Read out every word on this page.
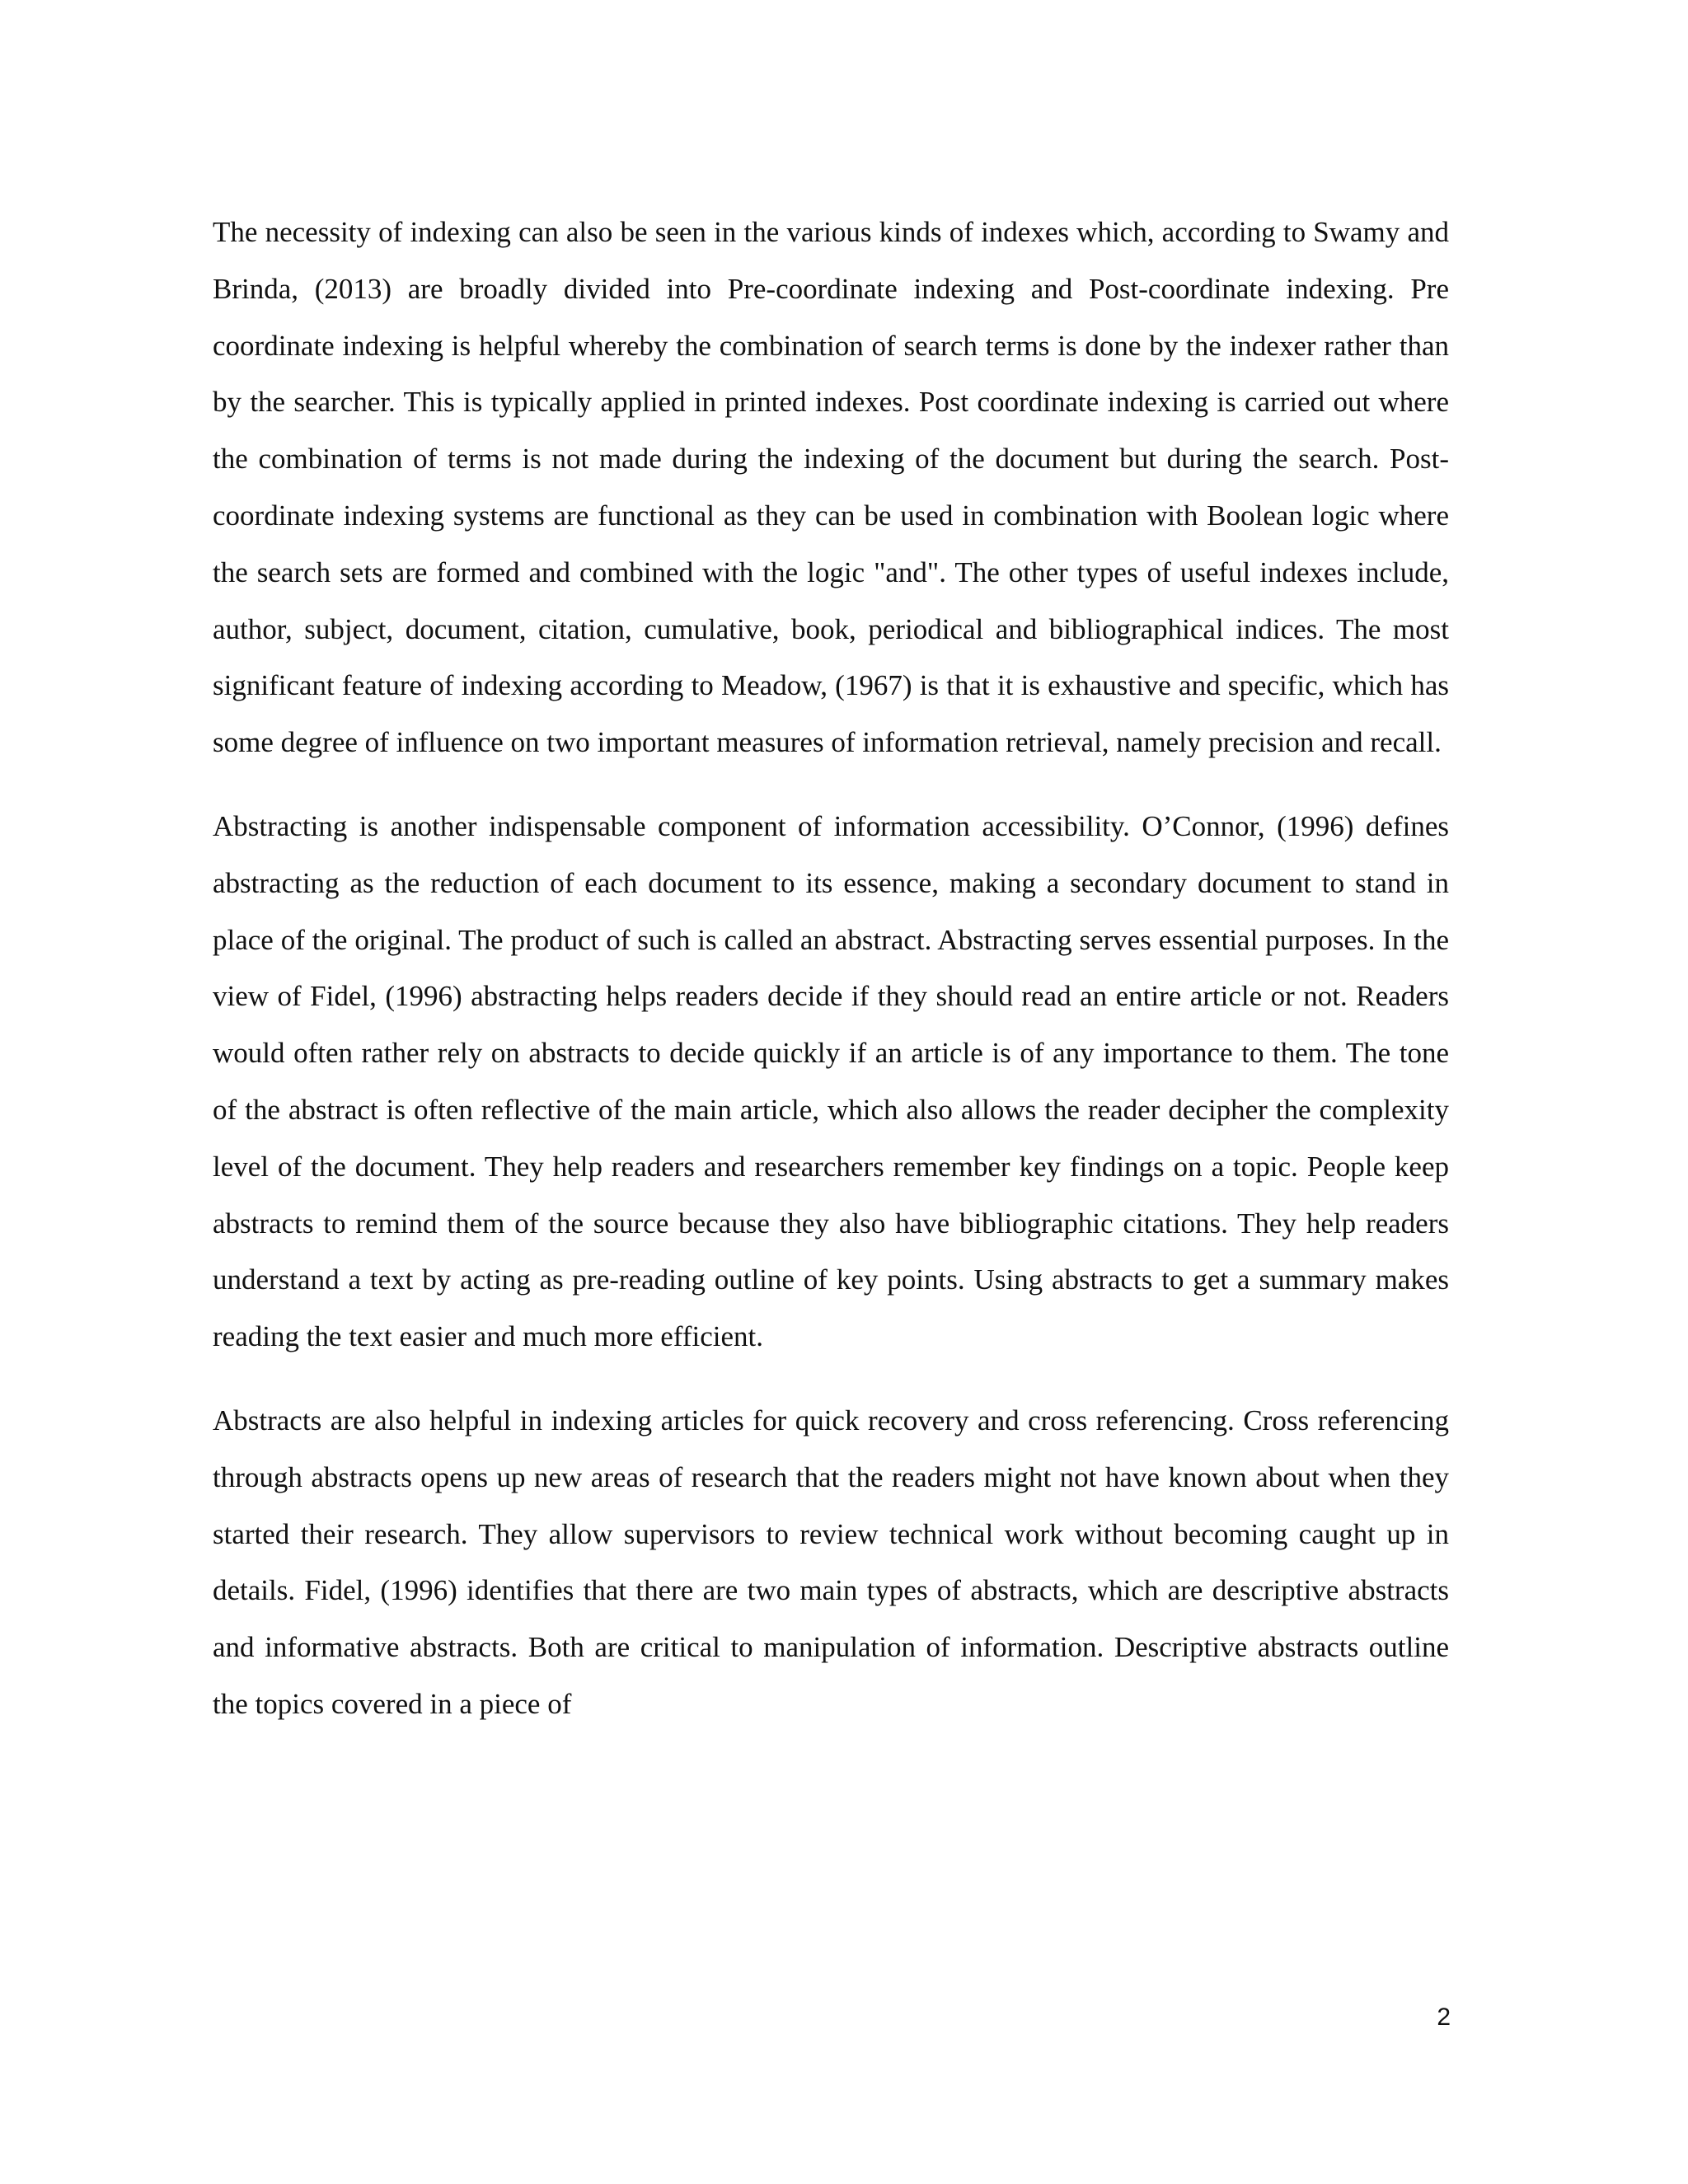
The necessity of indexing can also be seen in the various kinds of indexes which, according to Swamy and Brinda, (2013) are broadly divided into Pre-coordinate indexing and Post-coordinate indexing. Pre coordinate indexing is helpful whereby the combination of search terms is done by the indexer rather than by the searcher. This is typically applied in printed indexes. Post coordinate indexing is carried out where the combination of terms is not made during the indexing of the document but during the search. Post-coordinate indexing systems are functional as they can be used in combination with Boolean logic where the search sets are formed and combined with the logic "and". The other types of useful indexes include, author, subject, document, citation, cumulative, book, periodical and bibliographical indices. The most significant feature of indexing according to Meadow, (1967) is that it is exhaustive and specific, which has some degree of influence on two important measures of information retrieval, namely precision and recall.

Abstracting is another indispensable component of information accessibility. O’Connor, (1996) defines abstracting as the reduction of each document to its essence, making a secondary document to stand in place of the original. The product of such is called an abstract. Abstracting serves essential purposes. In the view of Fidel, (1996) abstracting helps readers decide if they should read an entire article or not. Readers would often rather rely on abstracts to decide quickly if an article is of any importance to them. The tone of the abstract is often reflective of the main article, which also allows the reader decipher the complexity level of the document. They help readers and researchers remember key findings on a topic. People keep abstracts to remind them of the source because they also have bibliographic citations. They help readers understand a text by acting as pre-reading outline of key points. Using abstracts to get a summary makes reading the text easier and much more efficient.

Abstracts are also helpful in indexing articles for quick recovery and cross referencing. Cross referencing through abstracts opens up new areas of research that the readers might not have known about when they started their research. They allow supervisors to review technical work without becoming caught up in details. Fidel, (1996) identifies that there are two main types of abstracts, which are descriptive abstracts and informative abstracts. Both are critical to manipulation of information. Descriptive abstracts outline the topics covered in a piece of

2
